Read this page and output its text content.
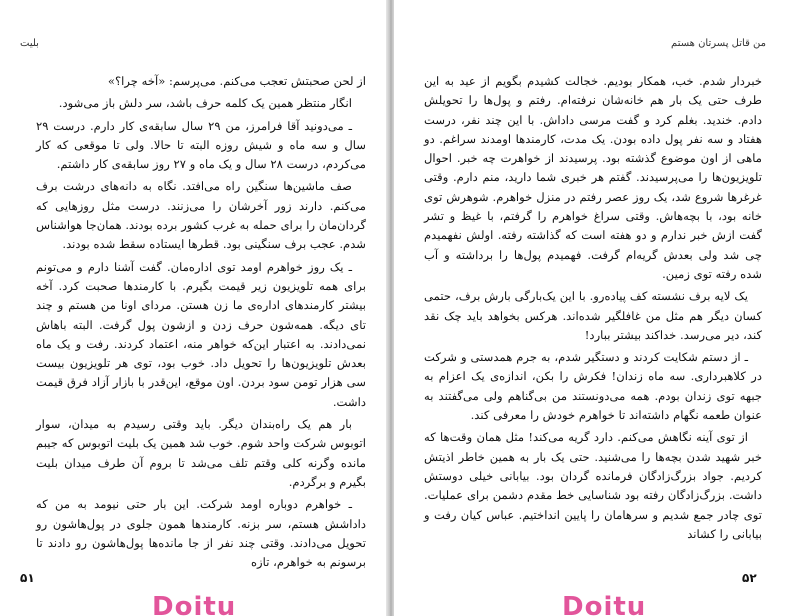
بلیت

از لحن صحبتش تعجب می‌کنم. می‌پرسم: «آخه چرا؟»

انگار منتظر همین یک کلمه حرف باشد، سر دلش باز می‌شود.

ـ می‌دونید آقا فرامرز، من ۲۹ سال سابقه‌ی کار دارم. درست ۲۹ سال و سه ماه و شیش روزه البته تا حالا. ولی تا موقعی که کار می‌کردم، درست ۲۸ سال و یک ماه و ۲۷ روز سابقه‌ی کار داشتم.

صف ماشین‌ها سنگین راه می‌افتد. نگاه به دانه‌های درشت برف می‌کنم. دارند زور آخرشان را می‌زنند. درست مثل روزهایی که گردان‌مان را برای حمله به غرب کشور برده بودند. همان‌جا هواشناس شدم. عجب برف سنگینی بود. قطرها ایستاده سقط شده بودند.

ـ یک روز خواهرم اومد توی اداره‌مان. گفت آشنا دارم و می‌تونم برای همه تلویزیون زیر قیمت بگیرم. با کارمندها صحبت کرد. آخه بیشتر کارمندهای اداره‌ی ما زن هستن. مردای اونا من هستم و چند تای دیگه. همه‌شون حرف زدن و ازشون پول گرفت. البته باهاش نمی‌دادند. به اعتبار این‌که خواهر منه، اعتماد کردند. رفت و یک ماه بعدش تلویزیون‌ها را تحویل داد. خوب بود، توی هر تلویزیون بیست سی هزار تومن سود بردن. اون موقع، این‌قدر با بازار آزاد فرق قیمت داشت.

بار هم یک راه‌بندان دیگر. باید وقتی رسیدم به میدان، سوار اتوبوس شرکت واحد شوم. خوب شد همین یک بلیت اتوبوس که جیبم مانده وگرنه کلی وقتم تلف می‌شد تا بروم آن طرف میدان بلیت بگیرم و برگردم.

ـ خواهرم دوباره اومد شرکت. این بار حتی نیومد به من که داداشش هستم، سر بزنه. کارمندها همون جلوی در پول‌هاشون رو تحویل می‌دادند. وقتی چند نفر از جا مانده‌ها پول‌هاشون رو دادند تا برسونم به خواهرم، تازه

۵۱
Doitu
من قاتل پسرتان هستم

خبردار شدم. خب، همکار بودیم. خجالت کشیدم بگویم از عید به این طرف حتی یک بار هم خانه‌شان نرفته‌ام. رفتم و پول‌ها را تحویلش دادم. خندید. بغلم کرد و گفت مرسی داداش. با این چند نفر، درست هفتاد و سه نفر پول داده بودن. یک مدت، کارمندها اومدند سراغم. دو ماهی از اون موضوع گذشته بود. پرسیدند از خواهرت چه خبر. احوال تلویزیون‌ها را می‌پرسیدند. گفتم هر خبری شما دارید، منم دارم. وقتی غرغرها شروع شد، یک روز عصر رفتم در منزل خواهرم. شوهرش توی خانه بود، با بچه‌هاش. وقتی سراغ خواهرم را گرفتم، با غیظ و تشر گفت ازش خبر ندارم و دو هفته است که گذاشته رفته. اولش نفهمیدم چی شد ولی بعدش گریه‌ام گرفت. فهمیدم پول‌ها را برداشته و آب شده رفته توی زمین.

یک لایه برف نشسته کف پیاده‌رو. با این یک‌بارگی بارش برف، حتمی کسان دیگر هم مثل من غافلگیر شده‌اند. هرکس بخواهد باید چک نقد کند، دیر می‌رسد. خداکند بیشتر ببارد!

ـ از دستم شکایت کردند و دستگیر شدم، به جرم همدستی و شرکت در کلاهبرداری. سه ماه زندان! فکرش را بکن، اندازه‌ی یک اعزام به جبهه توی زندان بودم. همه می‌دونستند من بی‌گناهم ولی می‌گفتند به عنوان طعمه نگهام داشته‌اند تا خواهرم خودش را معرفی کند.

از توی آینه نگاهش می‌کنم. دارد گریه می‌کند! مثل همان وقت‌ها که خبر شهید شدن بچه‌ها را می‌شنید. حتی یک بار به همین خاطر اذیتش کردیم. جواد بزرگ‌زادگان فرمانده گردان بود. بیابانی خیلی دوستش داشت. بزرگ‌زادگان رفته بود شناسایی خط مقدم دشمن برای عملیات. توی چادر جمع شدیم و سرهامان را پایین انداختیم. عباس کیان رفت و بیابانی را کشاند

۵۲
Doitu
